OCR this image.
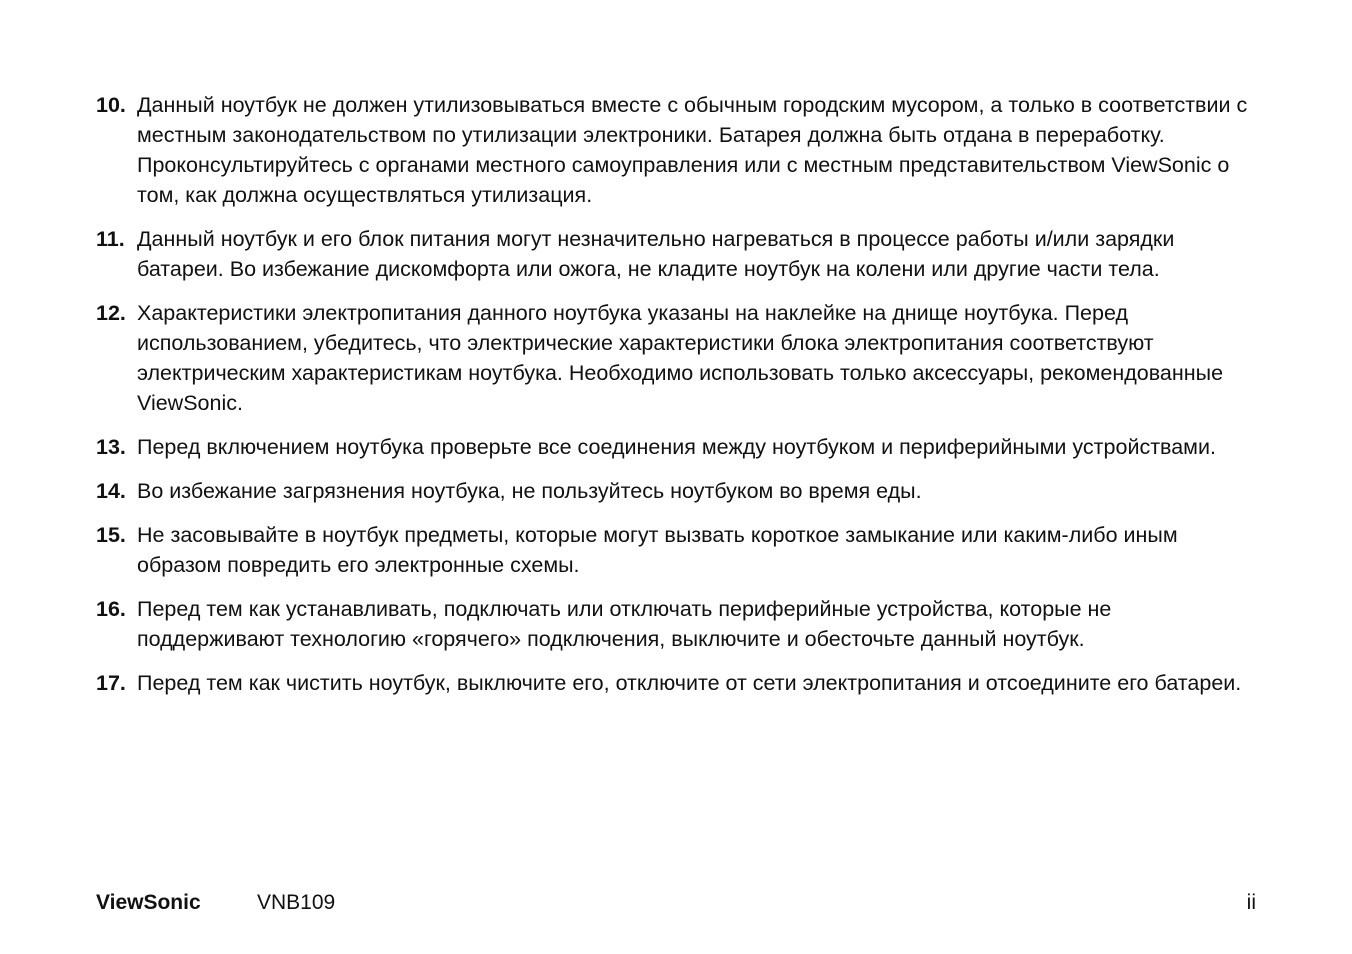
10. Данный ноутбук не должен утилизовываться вместе с обычным городским мусором, а только в соответствии с местным законодательством по утилизации электроники. Батарея должна быть отдана в переработку. Проконсультируйтесь с органами местного самоуправления или с местным представительством ViewSonic о том, как должна осуществляться утилизация.
11. Данный ноутбук и его блок питания могут незначительно нагреваться в процессе работы и/или зарядки батареи. Во избежание дискомфорта или ожога, не кладите ноутбук на колени или другие части тела.
12. Характеристики электропитания данного ноутбука указаны на наклейке на днище ноутбука. Перед использованием, убедитесь, что электрические характеристики блока электропитания соответствуют электрическим характеристикам ноутбука. Необходимо использовать только аксессуары, рекомендованные ViewSonic.
13. Перед включением ноутбука проверьте все соединения между ноутбуком и периферийными устройствами.
14. Во избежание загрязнения ноутбука, не пользуйтесь ноутбуком во время еды.
15. Не засовывайте в ноутбук предметы, которые могут вызвать короткое замыкание или каким-либо иным образом повредить его электронные схемы.
16. Перед тем как устанавливать, подключать или отключать периферийные устройства, которые не поддерживают технологию «горячего» подключения, выключите и обесточьте данный ноутбук.
17. Перед тем как чистить ноутбук, выключите его, отключите от сети электропитания и отсоедините его батареи.
ViewSonic	VNB109	ii
